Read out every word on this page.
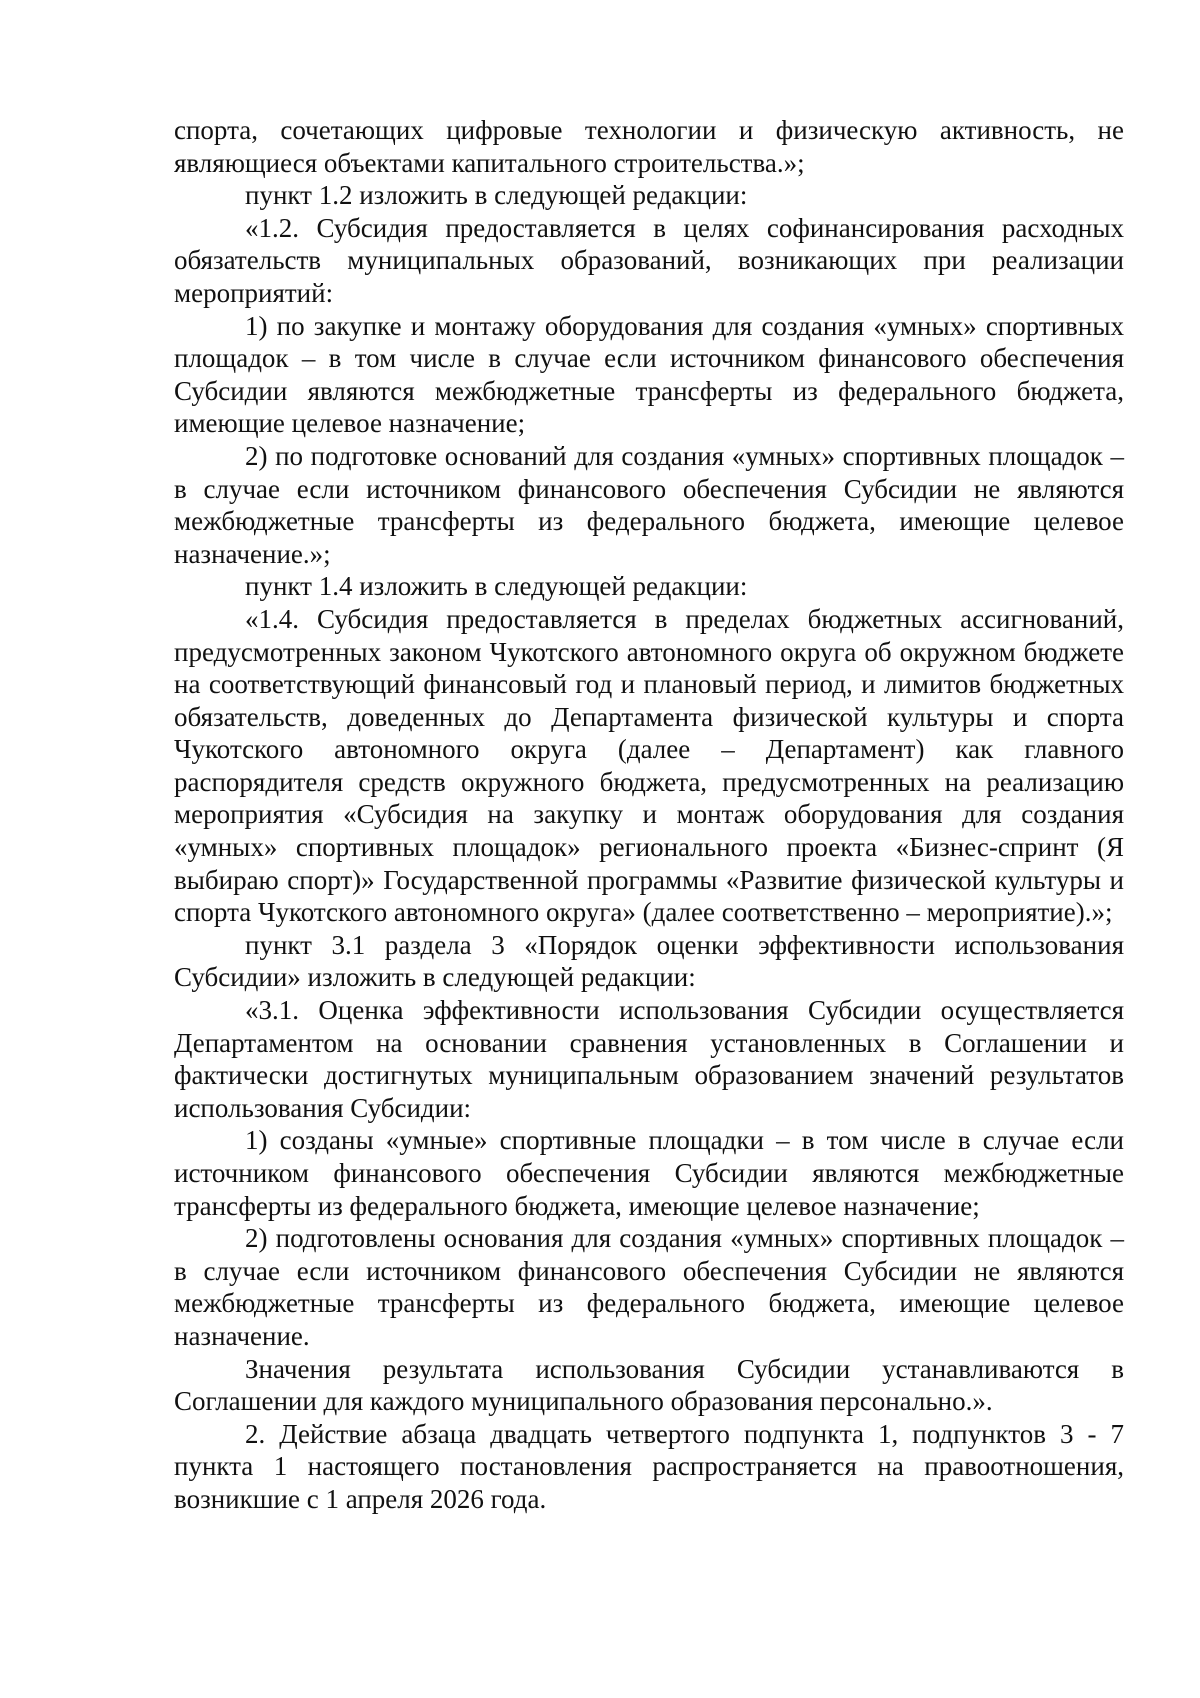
спорта, сочетающих цифровые технологии и физическую активность, не являющиеся объектами капитального строительства.»;

пункт 1.2 изложить в следующей редакции:

«1.2. Субсидия предоставляется в целях софинансирования расходных обязательств муниципальных образований, возникающих при реализации мероприятий:

1) по закупке и монтажу оборудования для создания «умных» спортивных площадок – в том числе в случае если источником финансового обеспечения Субсидии являются межбюджетные трансферты из федерального бюджета, имеющие целевое назначение;

2) по подготовке оснований для создания «умных» спортивных площадок – в случае если источником финансового обеспечения Субсидии не являются межбюджетные трансферты из федерального бюджета, имеющие целевое назначение.»;

пункт 1.4 изложить в следующей редакции:

«1.4. Субсидия предоставляется в пределах бюджетных ассигнований, предусмотренных законом Чукотского автономного округа об окружном бюджете на соответствующий финансовый год и плановый период, и лимитов бюджетных обязательств, доведенных до Департамента физической культуры и спорта Чукотского автономного округа (далее – Департамент) как главного распорядителя средств окружного бюджета, предусмотренных на реализацию мероприятия «Субсидия на закупку и монтаж оборудования для создания «умных» спортивных площадок» регионального проекта «Бизнес-спринт (Я выбираю спорт)» Государственной программы «Развитие физической культуры и спорта Чукотского автономного округа» (далее соответственно – мероприятие).»;

пункт 3.1 раздела 3 «Порядок оценки эффективности использования Субсидии» изложить в следующей редакции:

«3.1. Оценка эффективности использования Субсидии осуществляется Департаментом на основании сравнения установленных в Соглашении и фактически достигнутых муниципальным образованием значений результатов использования Субсидии:

1) созданы «умные» спортивные площадки – в том числе в случае если источником финансового обеспечения Субсидии являются межбюджетные трансферты из федерального бюджета, имеющие целевое назначение;

2) подготовлены основания для создания «умных» спортивных площадок – в случае если источником финансового обеспечения Субсидии не являются межбюджетные трансферты из федерального бюджета, имеющие целевое назначение.

Значения результата использования Субсидии устанавливаются в Соглашении для каждого муниципального образования персонально.».

2. Действие абзаца двадцать четвертого подпункта 1, подпунктов 3 - 7 пункта 1 настоящего постановления распространяется на правоотношения, возникшие с 1 апреля 2026 года.
